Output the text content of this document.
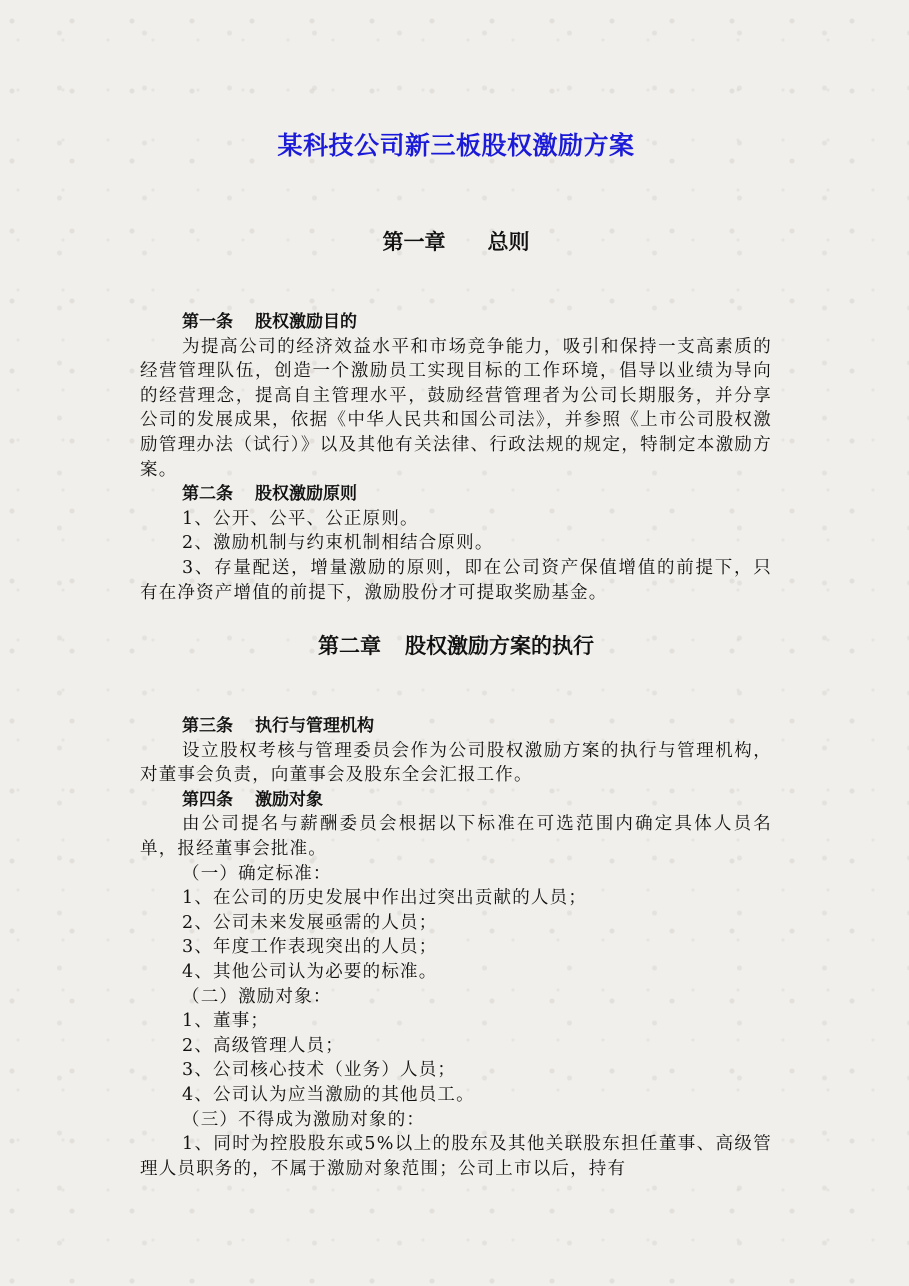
某科技公司新三板股权激励方案
第一章 总则

第一条 股权激励目的

为提高公司的经济效益水平和市场竞争能力，吸引和保持一支高素质的经营管理队伍，创造一个激励员工实现目标的工作环境，倡导以业绩为导向的经营理念，提高自主管理水平，鼓励经营管理者为公司长期服务，并分享公司的发展成果，依据《中华人民共和国公司法》，并参照《上市公司股权激励管理办法（试行）》以及其他有关法律、行政法规的规定，特制定本激励方案。

第二条 股权激励原则

1、公开、公平、公正原则。

2、激励机制与约束机制相结合原则。

3、存量配送，增量激励的原则，即在公司资产保值增值的前提下，只有在净资产增值的前提下，激励股份才可提取奖励基金。

第二章 股权激励方案的执行

第三条 执行与管理机构

设立股权考核与管理委员会作为公司股权激励方案的执行与管理机构，对董事会负责，向董事会及股东全会汇报工作。

第四条 激励对象

由公司提名与薪酬委员会根据以下标准在可选范围内确定具体人员名单，报经董事会批准。

（一）确定标准：

1、在公司的历史发展中作出过突出贡献的人员；

2、公司未来发展亟需的人员；

3、年度工作表现突出的人员；

4、其他公司认为必要的标准。

（二）激励对象：

1、董事；

2、高级管理人员；

3、公司核心技术（业务）人员；

4、公司认为应当激励的其他员工。

（三）不得成为激励对象的：

1、同时为控股股东或5%以上的股东及其他关联股东担任董事、高级管理人员职务的，不属于激励对象范围；公司上市以后，持有
